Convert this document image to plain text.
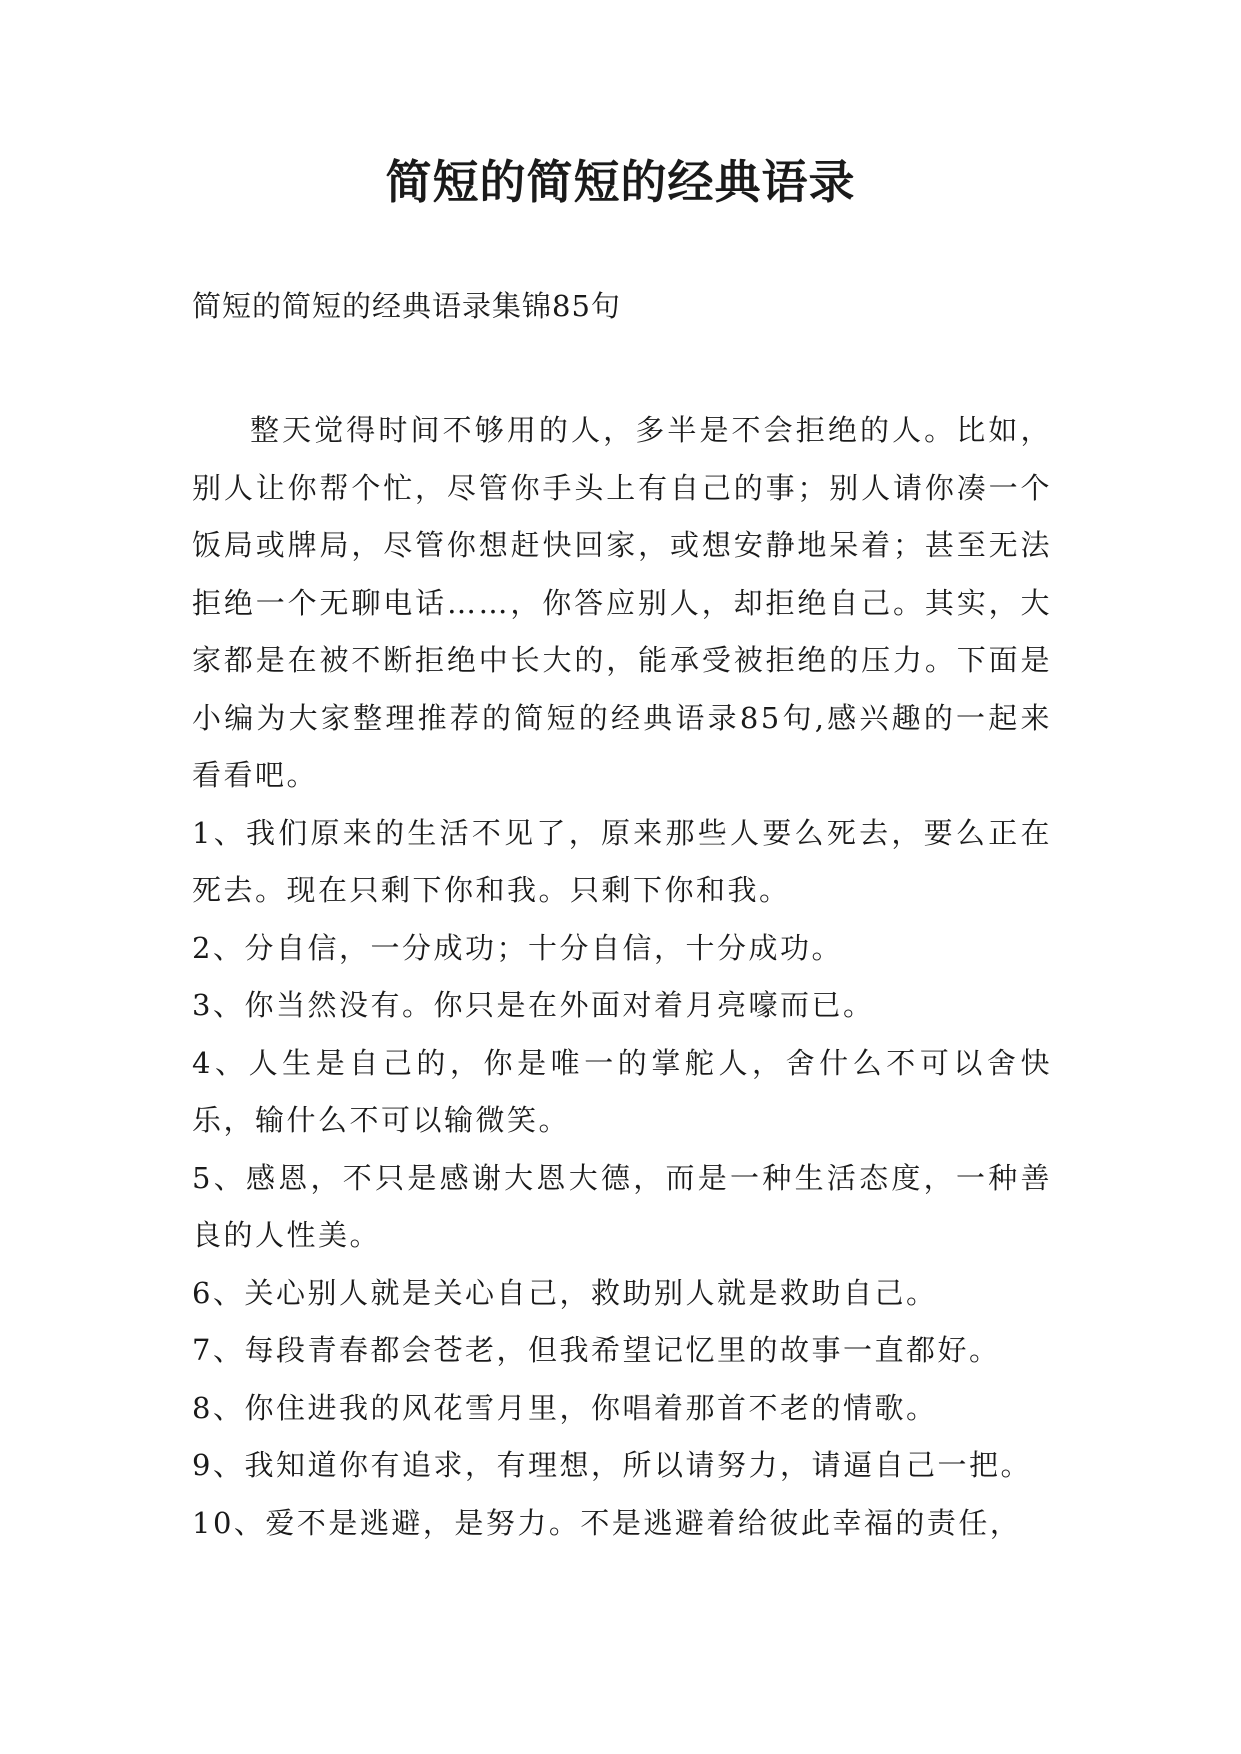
简短的简短的经典语录

简短的简短的经典语录集锦85句

整天觉得时间不够用的人，多半是不会拒绝的人。比如，别人让你帮个忙，尽管你手头上有自己的事；别人请你凑一个饭局或牌局，尽管你想赶快回家，或想安静地呆着；甚至无法拒绝一个无聊电话……，你答应别人，却拒绝自己。其实，大家都是在被不断拒绝中长大的，能承受被拒绝的压力。下面是小编为大家整理推荐的简短的经典语录85句,感兴趣的一起来看看吧。

1、我们原来的生活不见了，原来那些人要么死去，要么正在死去。现在只剩下你和我。只剩下你和我。

2、分自信，一分成功；十分自信，十分成功。

3、你当然没有。你只是在外面对着月亮嚎而已。

4、人生是自己的，你是唯一的掌舵人，舍什么不可以舍快乐，输什么不可以输微笑。

5、感恩，不只是感谢大恩大德，而是一种生活态度，一种善良的人性美。

6、关心别人就是关心自己，救助别人就是救助自己。

7、每段青春都会苍老，但我希望记忆里的故事一直都好。

8、你住进我的风花雪月里，你唱着那首不老的情歌。

9、我知道你有追求，有理想，所以请努力，请逼自己一把。

10、爱不是逃避，是努力。不是逃避着给彼此幸福的责任，
